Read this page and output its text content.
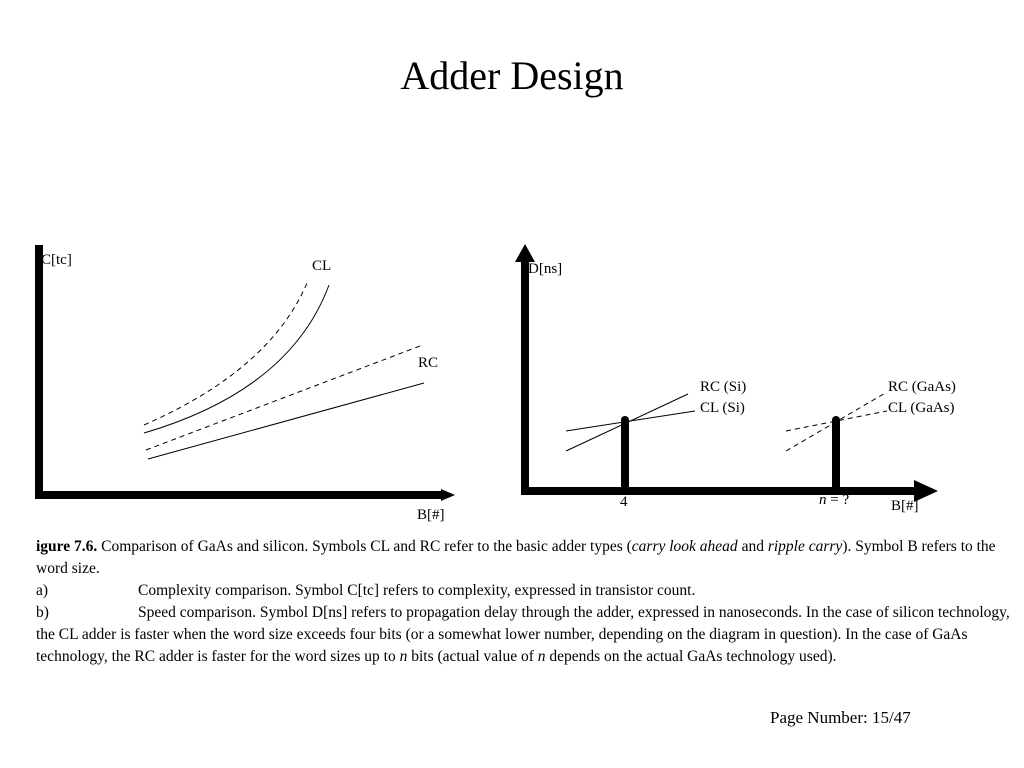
Adder Design
C[tc]	CL
RC
B[#]
D[ns]
RC (Si)
CL (Si)
RC (GaAs)
CL (GaAs)
4	n = ?	B[#]

igure 7.6. Comparison of GaAs and silicon. Symbols CL and RC refer to the basic adder types (carry look ahead and ripple carry). Symbol B refers to the word size.

a)	Complexity comparison. Symbol C[tc] refers to complexity, expressed in transistor count.

b)	Speed comparison. Symbol D[ns] refers to propagation delay through the adder, expressed in nanoseconds. In the case of silicon technology, the CL adder is faster when the word size exceeds four bits (or a somewhat lower number, depending on the diagram in question). In the case of GaAs technology, the RC adder is faster for the word sizes up to n bits (actual value of n depends on the actual GaAs technology used).

Page Number: 15/47
